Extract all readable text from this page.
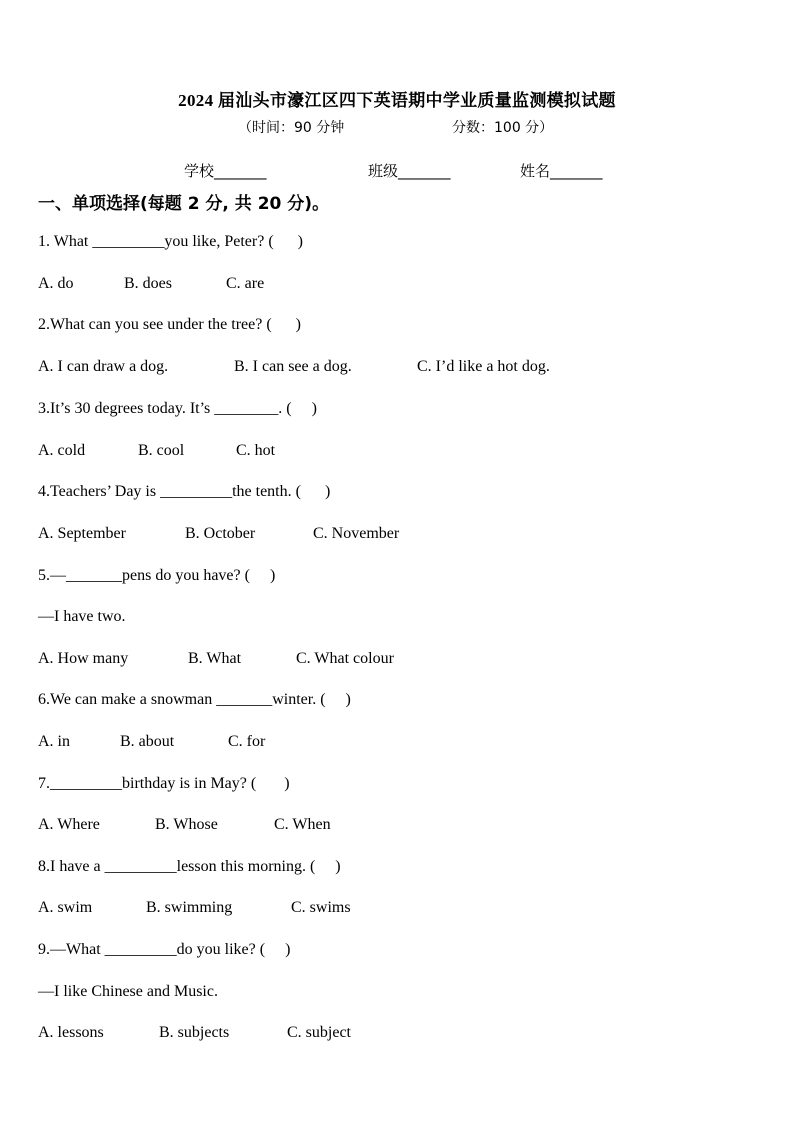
2024 届汕头市濠江区四下英语期中学业质量监测模拟试题
（时间：90 分钟	分数：100 分）
学校_______	班级_______	姓名_______
一、单项选择(每题 2 分, 共 20 分)。
1. What _________you like, Peter? (      )
A. do	B. does	C. are
2.What can you see under the tree? (      )
A. I can draw a dog.	B. I can see a dog.	C. I’d like a hot dog.
3.It’s 30 degrees today. It’s ________. (     )
A. cold	B. cool	C. hot
4.Teachers’ Day is _________the tenth. (      )
A. September	B. October	C. November
5.—_______pens do you have? (     )
—I have two.
A. How many	B. What	C. What colour
6.We can make a snowman _______winter. (     )
A. in	B. about	C. for
7._________birthday is in May? (       )
A. Where	B. Whose	C. When
8.I have a _________lesson this morning. (     )
A. swim	B. swimming	C. swims
9.—What _________do you like? (     )
—I like Chinese and Music.
A. lessons	B. subjects	C. subject
